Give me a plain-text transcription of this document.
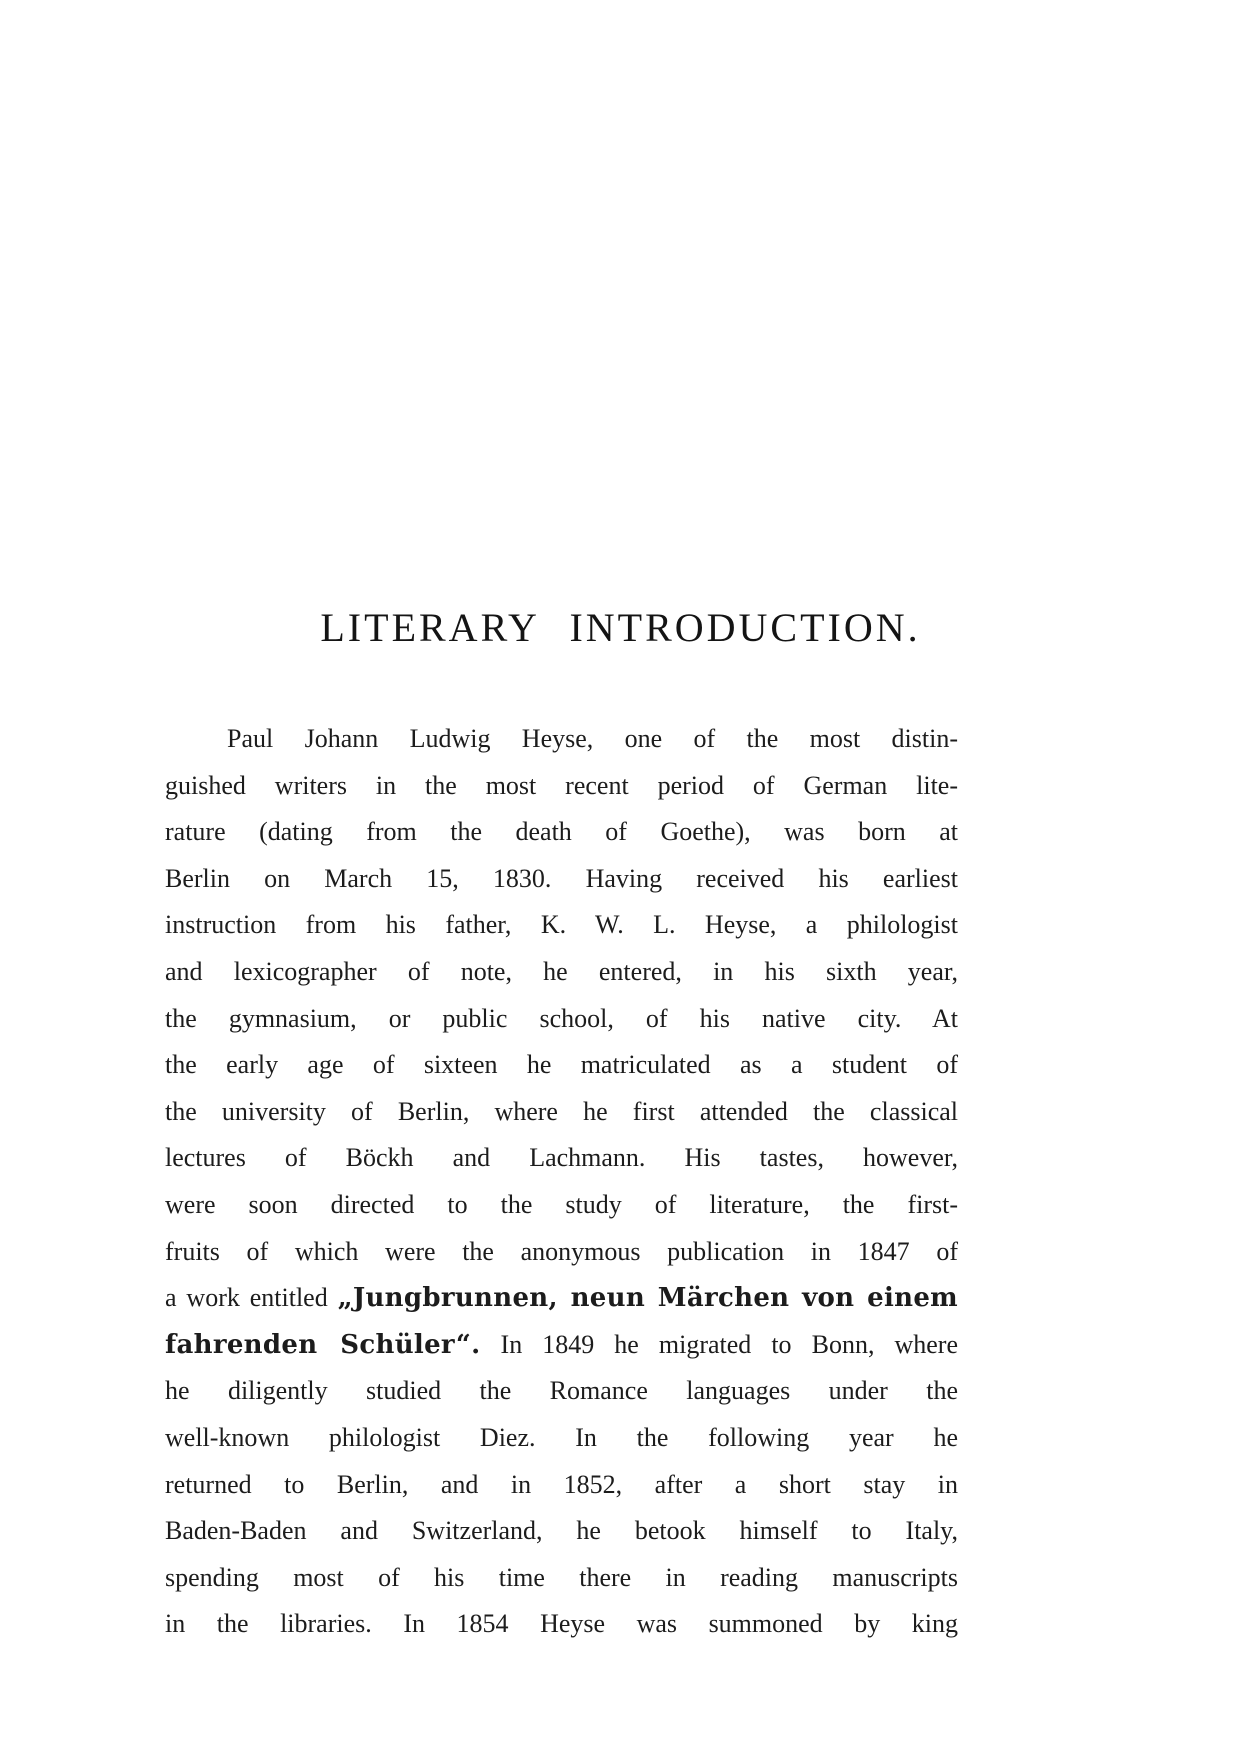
LITERARY INTRODUCTION.
Paul Johann Ludwig Heyse, one of the most distin-
guished writers in the most recent period of German lite-
rature (dating from the death of Goethe), was born at
Berlin on March 15, 1830. Having received his earliest
instruction from his father, K. W. L. Heyse, a philologist
and lexicographer of note, he entered, in his sixth year,
the gymnasium, or public school, of his native city. At
the early age of sixteen he matriculated as a student of
the university of Berlin, where he first attended the classical
lectures of Böckh and Lachmann. His tastes, however,
were soon directed to the study of literature, the first-
fruits of which were the anonymous publication in 1847 of
a work entitled „Jungbrunnen, neun Märchen von einem
fahrenden Schüler“. In 1849 he migrated to Bonn, where
he diligently studied the Romance languages under the
well-known philologist Diez. In the following year he
returned to Berlin, and in 1852, after a short stay in
Baden-Baden and Switzerland, he betook himself to Italy,
spending most of his time there in reading manuscripts
in the libraries. In 1854 Heyse was summoned by king
